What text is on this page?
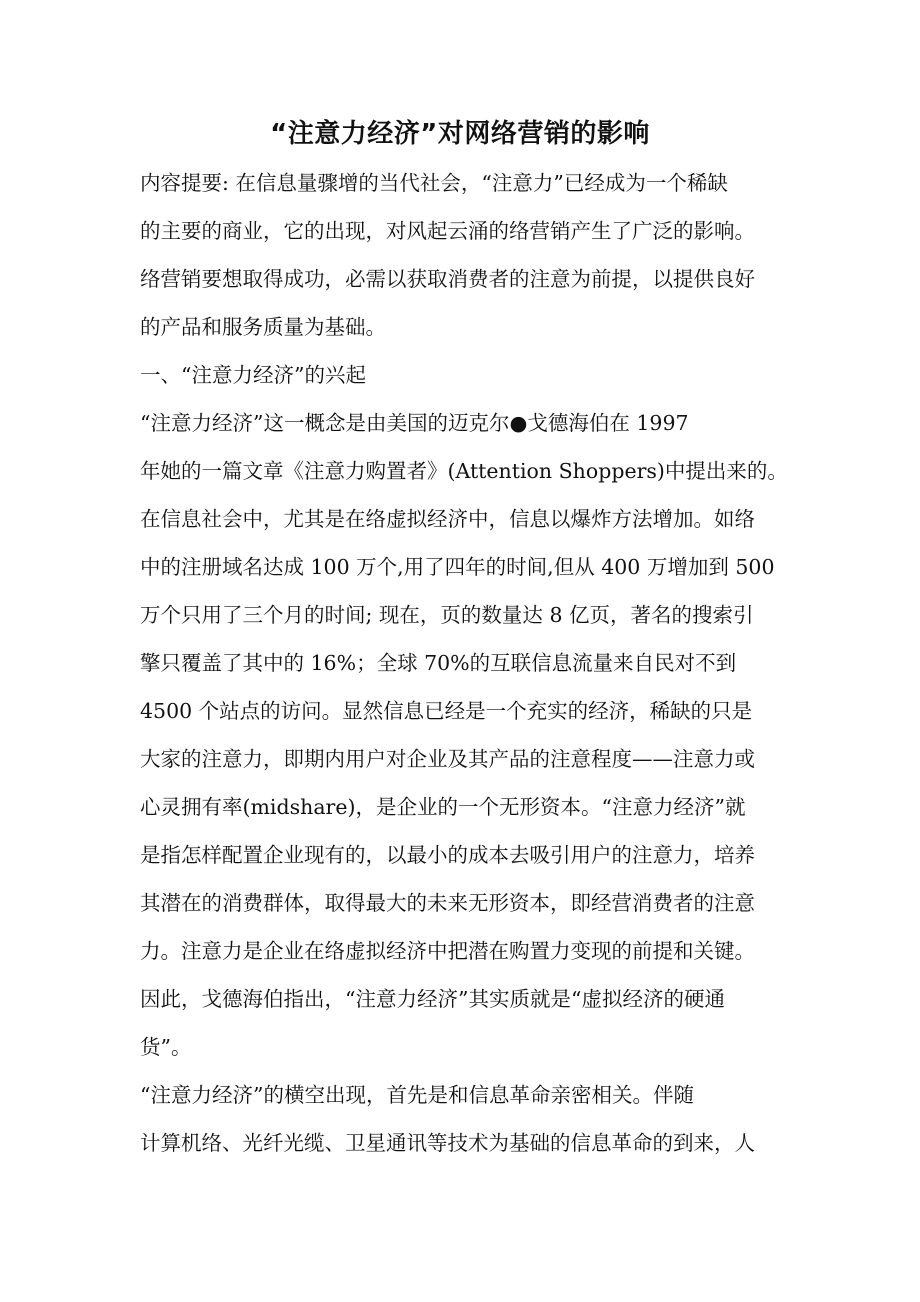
“注意力经济”对网络营销的影响
内容提要: 在信息量骤增的当代社会，“注意力”已经成为一个稀缺
的主要的商业，它的出现，对风起云涌的络营销产生了广泛的影响。
络营销要想取得成功，必需以获取消费者的注意为前提，以提供良好
的产品和服务质量为基础。
一、“注意力经济”的兴起
“注意力经济”这一概念是由美国的迈克尔●戈德海伯在 1997
年她的一篇文章《注意力购置者》(Attention Shoppers)中提出来的。
在信息社会中，尤其是在络虚拟经济中，信息以爆炸方法增加。如络
中的注册域名达成 100 万个,用了四年的时间,但从 400 万增加到 500
万个只用了三个月的时间; 现在，页的数量达 8 亿页，著名的搜索引
擎只覆盖了其中的 16%；全球 70%的互联信息流量来自民对不到
4500 个站点的访问。显然信息已经是一个充实的经济，稀缺的只是
大家的注意力，即期内用户对企业及其产品的注意程度——注意力或
心灵拥有率(midshare)，是企业的一个无形资本。“注意力经济”就
是指怎样配置企业现有的，以最小的成本去吸引用户的注意力，培养
其潜在的消费群体，取得最大的未来无形资本，即经营消费者的注意
力。注意力是企业在络虚拟经济中把潜在购置力变现的前提和关键。
因此，戈德海伯指出，“注意力经济”其实质就是“虚拟经济的硬通
货”。
“注意力经济”的横空出现，首先是和信息革命亲密相关。伴随
计算机络、光纤光缆、卫星通讯等技术为基础的信息革命的到来，人
